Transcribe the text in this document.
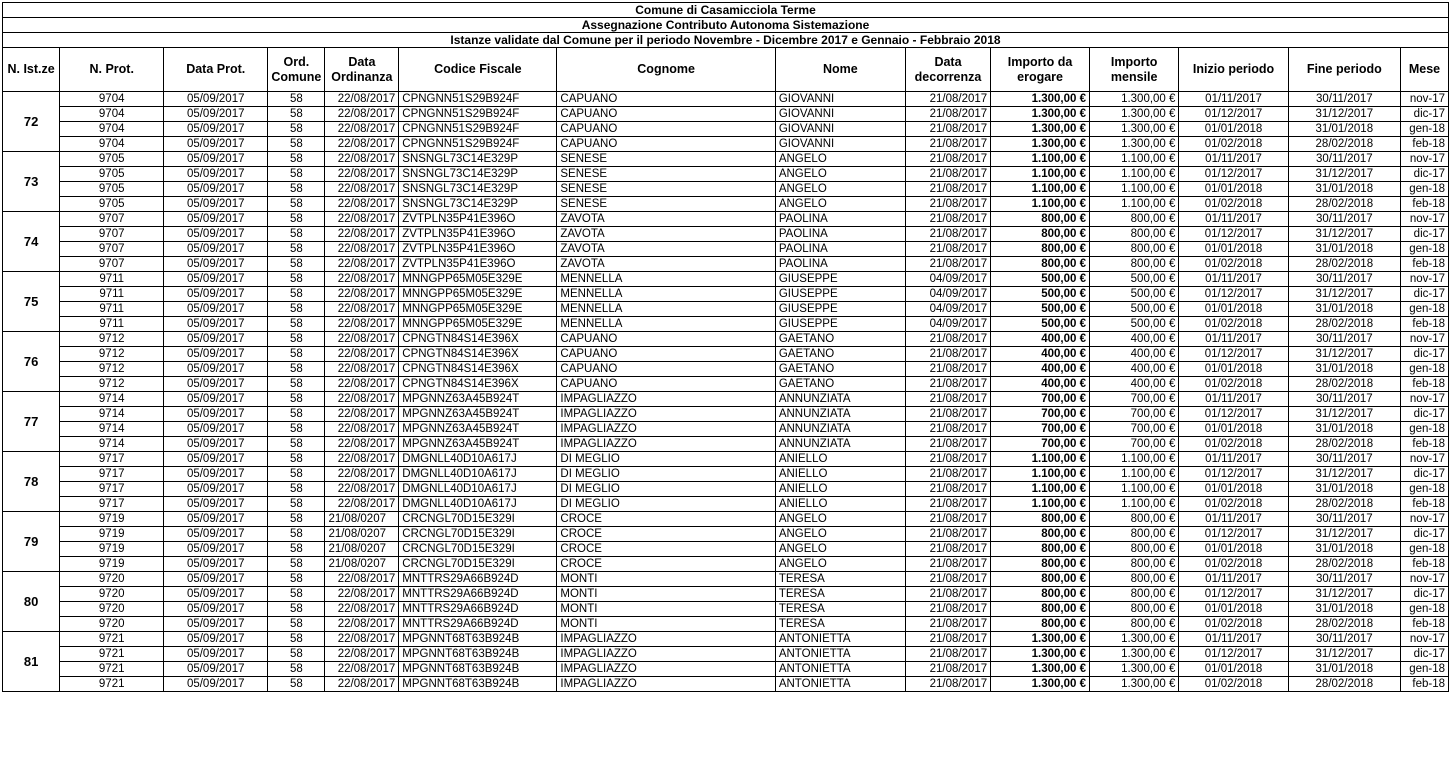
Comune di Casamicciola Terme													
Assegnazione Contributo Autonoma Sistemazione													
Istanze validate dal Comune per il periodo Novembre - Dicembre 2017 e Gennaio - Febbraio 2018													
N. Ist.ze	N. Prot.	Data Prot.	Ord. Comune	Data Ordinanza	Codice Fiscale	Cognome	Nome	Data decorrenza	Importo da erogare	Importo mensile	Inizio periodo	Fine periodo	Mese
72	9704	05/09/2017	58	22/08/2017	CPNGNN51S29B924F	CAPUANO	GIOVANNI	21/08/2017	1.300,00 €	1.300,00 €	01/11/2017	30/11/2017	nov-17
	9704	05/09/2017	58	22/08/2017	CPNGNN51S29B924F	CAPUANO	GIOVANNI	21/08/2017	1.300,00 €	1.300,00 €	01/12/2017	31/12/2017	dic-17
	9704	05/09/2017	58	22/08/2017	CPNGNN51S29B924F	CAPUANO	GIOVANNI	21/08/2017	1.300,00 €	1.300,00 €	01/01/2018	31/01/2018	gen-18
	9704	05/09/2017	58	22/08/2017	CPNGNN51S29B924F	CAPUANO	GIOVANNI	21/08/2017	1.300,00 €	1.300,00 €	01/02/2018	28/02/2018	feb-18
73	9705	05/09/2017	58	22/08/2017	SNSNGL73C14E329P	SENESE	ANGELO	21/08/2017	1.100,00 €	1.100,00 €	01/11/2017	30/11/2017	nov-17
	9705	05/09/2017	58	22/08/2017	SNSNGL73C14E329P	SENESE	ANGELO	21/08/2017	1.100,00 €	1.100,00 €	01/12/2017	31/12/2017	dic-17
	9705	05/09/2017	58	22/08/2017	SNSNGL73C14E329P	SENESE	ANGELO	21/08/2017	1.100,00 €	1.100,00 €	01/01/2018	31/01/2018	gen-18
	9705	05/09/2017	58	22/08/2017	SNSNGL73C14E329P	SENESE	ANGELO	21/08/2017	1.100,00 €	1.100,00 €	01/02/2018	28/02/2018	feb-18
74	9707	05/09/2017	58	22/08/2017	ZVTPLN35P41E396O	ZAVOTA	PAOLINA	21/08/2017	800,00 €	800,00 €	01/11/2017	30/11/2017	nov-17
	9707	05/09/2017	58	22/08/2017	ZVTPLN35P41E396O	ZAVOTA	PAOLINA	21/08/2017	800,00 €	800,00 €	01/12/2017	31/12/2017	dic-17
	9707	05/09/2017	58	22/08/2017	ZVTPLN35P41E396O	ZAVOTA	PAOLINA	21/08/2017	800,00 €	800,00 €	01/01/2018	31/01/2018	gen-18
	9707	05/09/2017	58	22/08/2017	ZVTPLN35P41E396O	ZAVOTA	PAOLINA	21/08/2017	800,00 €	800,00 €	01/02/2018	28/02/2018	feb-18
75	9711	05/09/2017	58	22/08/2017	MNNGPP65M05E329E	MENNELLA	GIUSEPPE	04/09/2017	500,00 €	500,00 €	01/11/2017	30/11/2017	nov-17
	9711	05/09/2017	58	22/08/2017	MNNGPP65M05E329E	MENNELLA	GIUSEPPE	04/09/2017	500,00 €	500,00 €	01/12/2017	31/12/2017	dic-17
	9711	05/09/2017	58	22/08/2017	MNNGPP65M05E329E	MENNELLA	GIUSEPPE	04/09/2017	500,00 €	500,00 €	01/01/2018	31/01/2018	gen-18
	9711	05/09/2017	58	22/08/2017	MNNGPP65M05E329E	MENNELLA	GIUSEPPE	04/09/2017	500,00 €	500,00 €	01/02/2018	28/02/2018	feb-18
76	9712	05/09/2017	58	22/08/2017	CPNGTN84S14E396X	CAPUANO	GAETANO	21/08/2017	400,00 €	400,00 €	01/11/2017	30/11/2017	nov-17
	9712	05/09/2017	58	22/08/2017	CPNGTN84S14E396X	CAPUANO	GAETANO	21/08/2017	400,00 €	400,00 €	01/12/2017	31/12/2017	dic-17
	9712	05/09/2017	58	22/08/2017	CPNGTN84S14E396X	CAPUANO	GAETANO	21/08/2017	400,00 €	400,00 €	01/01/2018	31/01/2018	gen-18
	9712	05/09/2017	58	22/08/2017	CPNGTN84S14E396X	CAPUANO	GAETANO	21/08/2017	400,00 €	400,00 €	01/02/2018	28/02/2018	feb-18
77	9714	05/09/2017	58	22/08/2017	MPGNNZ63A45B924T	IMPAGLIAZZO	ANNUNZIATA	21/08/2017	700,00 €	700,00 €	01/11/2017	30/11/2017	nov-17
	9714	05/09/2017	58	22/08/2017	MPGNNZ63A45B924T	IMPAGLIAZZO	ANNUNZIATA	21/08/2017	700,00 €	700,00 €	01/12/2017	31/12/2017	dic-17
	9714	05/09/2017	58	22/08/2017	MPGNNZ63A45B924T	IMPAGLIAZZO	ANNUNZIATA	21/08/2017	700,00 €	700,00 €	01/01/2018	31/01/2018	gen-18
	9714	05/09/2017	58	22/08/2017	MPGNNZ63A45B924T	IMPAGLIAZZO	ANNUNZIATA	21/08/2017	700,00 €	700,00 €	01/02/2018	28/02/2018	feb-18
78	9717	05/09/2017	58	22/08/2017	DMGNLL40D10A617J	DI MEGLIO	ANIELLO	21/08/2017	1.100,00 €	1.100,00 €	01/11/2017	30/11/2017	nov-17
	9717	05/09/2017	58	22/08/2017	DMGNLL40D10A617J	DI MEGLIO	ANIELLO	21/08/2017	1.100,00 €	1.100,00 €	01/12/2017	31/12/2017	dic-17
	9717	05/09/2017	58	22/08/2017	DMGNLL40D10A617J	DI MEGLIO	ANIELLO	21/08/2017	1.100,00 €	1.100,00 €	01/01/2018	31/01/2018	gen-18
	9717	05/09/2017	58	22/08/2017	DMGNLL40D10A617J	DI MEGLIO	ANIELLO	21/08/2017	1.100,00 €	1.100,00 €	01/02/2018	28/02/2018	feb-18
79	9719	05/09/2017	58	21/08/0207	CRCNGL70D15E329I	CROCE	ANGELO	21/08/2017	800,00 €	800,00 €	01/11/2017	30/11/2017	nov-17
	9719	05/09/2017	58	21/08/0207	CRCNGL70D15E329I	CROCE	ANGELO	21/08/2017	800,00 €	800,00 €	01/12/2017	31/12/2017	dic-17
	9719	05/09/2017	58	21/08/0207	CRCNGL70D15E329I	CROCE	ANGELO	21/08/2017	800,00 €	800,00 €	01/01/2018	31/01/2018	gen-18
	9719	05/09/2017	58	21/08/0207	CRCNGL70D15E329I	CROCE	ANGELO	21/08/2017	800,00 €	800,00 €	01/02/2018	28/02/2018	feb-18
80	9720	05/09/2017	58	22/08/2017	MNTTRS29A66B924D	MONTI	TERESA	21/08/2017	800,00 €	800,00 €	01/11/2017	30/11/2017	nov-17
	9720	05/09/2017	58	22/08/2017	MNTTRS29A66B924D	MONTI	TERESA	21/08/2017	800,00 €	800,00 €	01/12/2017	31/12/2017	dic-17
	9720	05/09/2017	58	22/08/2017	MNTTRS29A66B924D	MONTI	TERESA	21/08/2017	800,00 €	800,00 €	01/01/2018	31/01/2018	gen-18
	9720	05/09/2017	58	22/08/2017	MNTTRS29A66B924D	MONTI	TERESA	21/08/2017	800,00 €	800,00 €	01/02/2018	28/02/2018	feb-18
81	9721	05/09/2017	58	22/08/2017	MPGNNT68T63B924B	IMPAGLIAZZO	ANTONIETTA	21/08/2017	1.300,00 €	1.300,00 €	01/11/2017	30/11/2017	nov-17
	9721	05/09/2017	58	22/08/2017	MPGNNT68T63B924B	IMPAGLIAZZO	ANTONIETTA	21/08/2017	1.300,00 €	1.300,00 €	01/12/2017	31/12/2017	dic-17
	9721	05/09/2017	58	22/08/2017	MPGNNT68T63B924B	IMPAGLIAZZO	ANTONIETTA	21/08/2017	1.300,00 €	1.300,00 €	01/01/2018	31/01/2018	gen-18
	9721	05/09/2017	58	22/08/2017	MPGNNT68T63B924B	IMPAGLIAZZO	ANTONIETTA	21/08/2017	1.300,00 €	1.300,00 €	01/02/2018	28/02/2018	feb-18
